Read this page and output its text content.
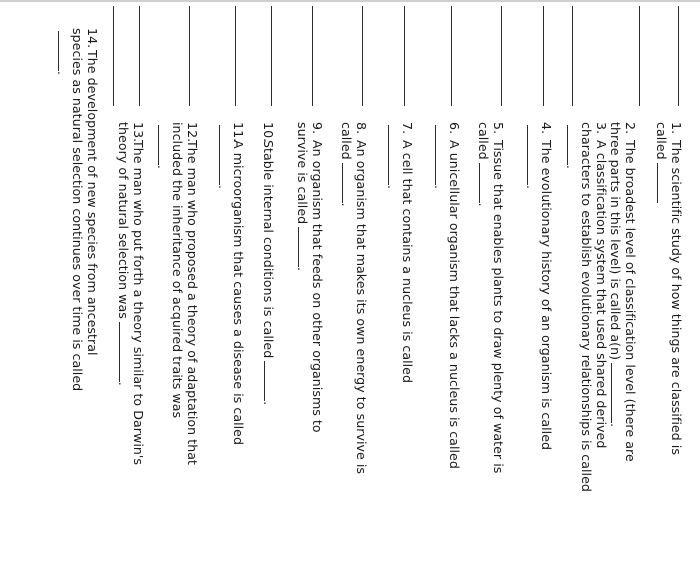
1.The scientific study of how things are classified is
called
2.The broadest level of classification level (there are
three parts in this level) is called a(n).
3.A classification system that used shared derived
characters to establish evolutionary relationships is called
.
4.The evolutionary history of an organism is called
.
5.Tissue that enables plants to draw plenty of water is
called.
6.A unicellular organism that lacks a nucleus is called
.
7.A cell that contains a nucleus is called
.
8.An organism that makes its own energy to survive is
called.
9.An organism that feeds on other organisms to
survive is called.
10.Stable internal conditions is called.
11.A microorganism that causes a disease is called
.
12.The man who proposed a theory of adaptation that
included the inheritance of acquired traits was
.
13.The man who put forth a theory similar to Darwin's
theory of natural selection was.
14.The development of new species from ancestral
species as natural selection continues over time is called
.
